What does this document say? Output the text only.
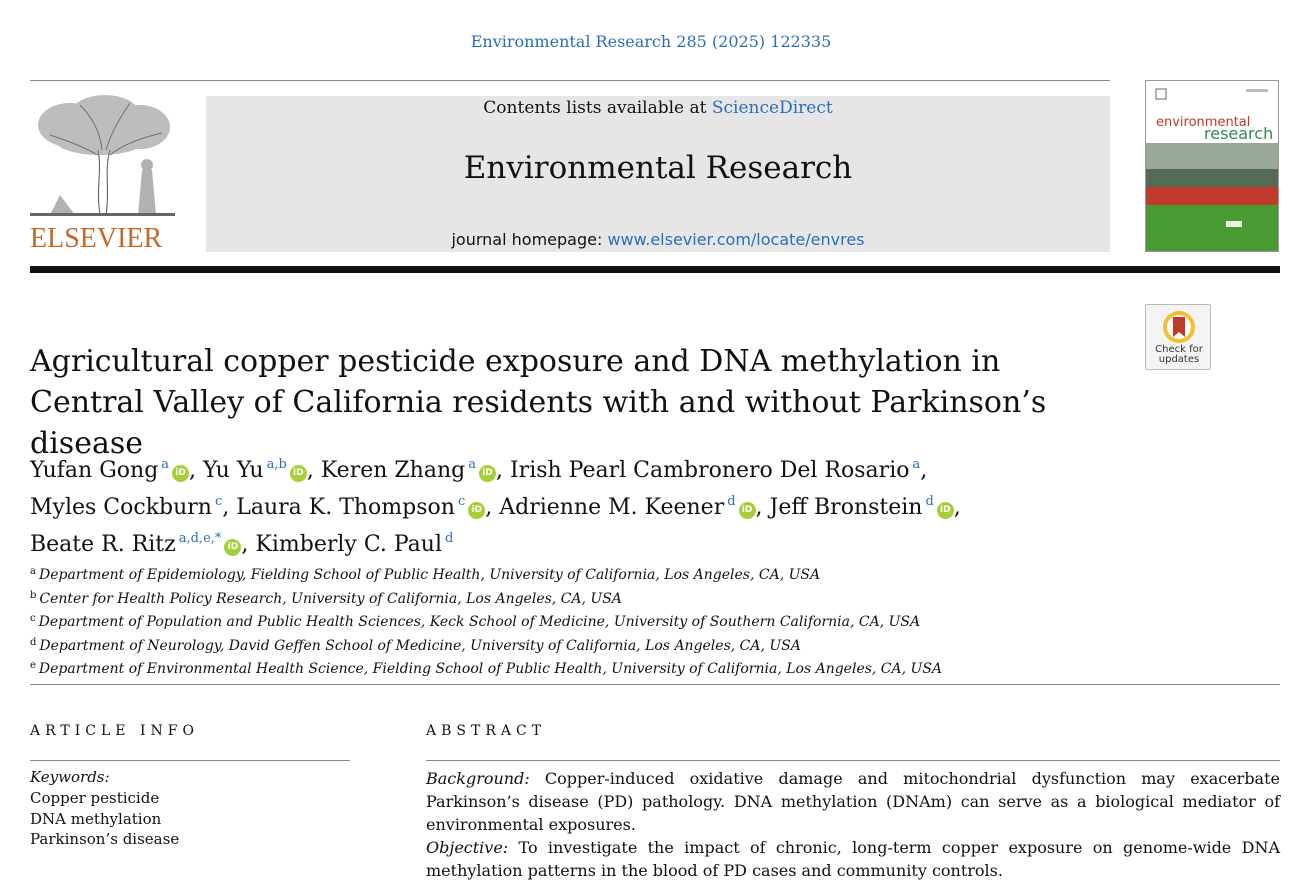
Environmental Research 285 (2025) 122335
ELSEVIER
Contents lists available at ScienceDirect
Environmental Research
journal homepage: www.elsevier.com/locate/envres
environmental
research
Check for
updates
Agricultural copper pesticide exposure and DNA methylation in Central Valley of California residents with and without Parkinson’s disease
Yufan Gong $^a$iD , Yu Yu $^{a,b}$iD , Keren Zhang $^a$iD , Irish Pearl Cambronero Del Rosario $^a$,
Myles Cockburn $^c$, Laura K. Thompson $^c$iD , Adrienne M. Keener $^d$iD , Jeff Bronstein $^d$iD ,
Beate R. Ritz $^{a,d,e,*}$iD , Kimberly C. Paul $^d$
$^a$ Department of Epidemiology, Fielding School of Public Health, University of California, Los Angeles, CA, USA
$^b$ Center for Health Policy Research, University of California, Los Angeles, CA, USA
$^c$ Department of Population and Public Health Sciences, Keck School of Medicine, University of Southern California, CA, USA
$^d$ Department of Neurology, David Geffen School of Medicine, University of California, Los Angeles, CA, USA
$^e$ Department of Environmental Health Science, Fielding School of Public Health, University of California, Los Angeles, CA, USA
ARTICLE INFO
Keywords:
Copper pesticide
DNA methylation
Parkinson’s disease
ABSTRACT
Background: Copper-induced oxidative damage and mitochondrial dysfunction may exacerbate Parkinson’s disease (PD) pathology. DNA methylation (DNAm) can serve as a biological mediator of environmental exposures.
Objective: To investigate the impact of chronic, long-term copper exposure on genome-wide DNA methylation patterns in the blood of PD cases and community controls.
